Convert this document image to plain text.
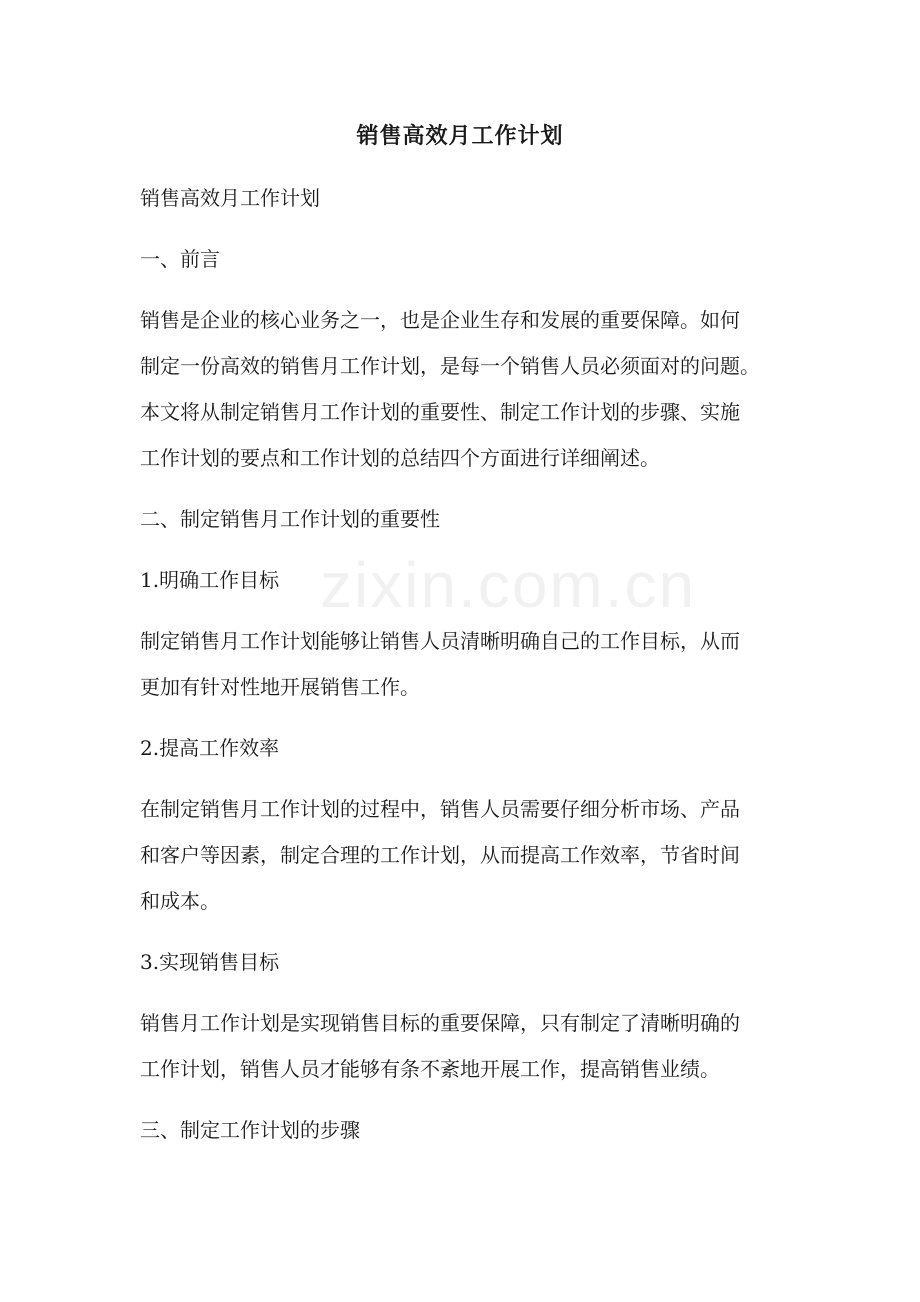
zixin.com.cn
销售高效月工作计划

销售高效月工作计划

一、前言

销售是企业的核心业务之一，也是企业生存和发展的重要保障。如何

制定一份高效的销售月工作计划，是每一个销售人员必须面对的问题。

本文将从制定销售月工作计划的重要性、制定工作计划的步骤、实施

工作计划的要点和工作计划的总结四个方面进行详细阐述。

二、制定销售月工作计划的重要性

1.明确工作目标

制定销售月工作计划能够让销售人员清晰明确自己的工作目标，从而

更加有针对性地开展销售工作。

2.提高工作效率

在制定销售月工作计划的过程中，销售人员需要仔细分析市场、产品

和客户等因素，制定合理的工作计划，从而提高工作效率，节省时间

和成本。

3.实现销售目标

销售月工作计划是实现销售目标的重要保障，只有制定了清晰明确的

工作计划，销售人员才能够有条不紊地开展工作，提高销售业绩。

三、制定工作计划的步骤
